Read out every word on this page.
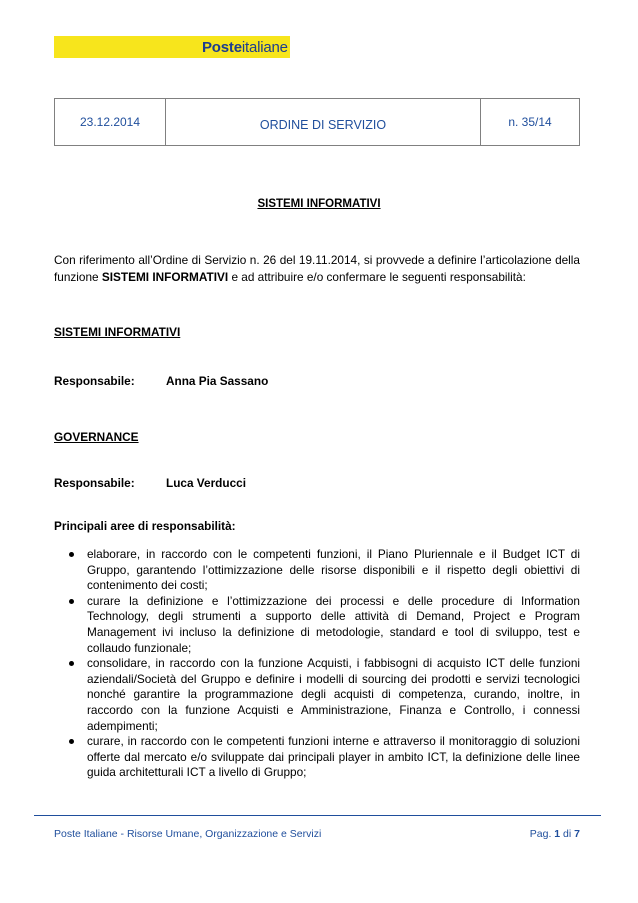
Posteitaliane
23.12.2014	ORDINE DI SERVIZIO	n. 35/14
SISTEMI INFORMATIVI
Con riferimento all’Ordine di Servizio n. 26 del 19.11.2014, si provvede a definire l’articolazione della funzione SISTEMI INFORMATIVI e ad attribuire e/o confermare le seguenti responsabilità:
SISTEMI INFORMATIVI
Responsabile:	Anna Pia Sassano
GOVERNANCE
Responsabile:	Luca Verducci
Principali aree di responsabilità:
elaborare, in raccordo con le competenti funzioni, il Piano Pluriennale e il Budget ICT di Gruppo, garantendo l’ottimizzazione delle risorse disponibili e il rispetto degli obiettivi di contenimento dei costi;
curare la definizione e l’ottimizzazione dei processi e delle procedure di Information Technology, degli strumenti a supporto delle attività di Demand, Project e Program Management ivi incluso la definizione di metodologie, standard e tool di sviluppo, test e collaudo funzionale;
consolidare, in raccordo con la funzione Acquisti, i fabbisogni di acquisto ICT delle funzioni aziendali/Società del Gruppo e definire i modelli di sourcing dei prodotti e servizi tecnologici nonché garantire la programmazione degli acquisti di competenza, curando, inoltre, in raccordo con la funzione Acquisti e Amministrazione, Finanza e Controllo, i connessi adempimenti;
curare, in raccordo con le competenti funzioni interne e attraverso il monitoraggio di soluzioni offerte dal mercato e/o sviluppate dai principali player in ambito ICT, la definizione delle linee guida architetturali ICT a livello di Gruppo;
Poste Italiane - Risorse Umane, Organizzazione e Servizi	Pag. 1 di 7
